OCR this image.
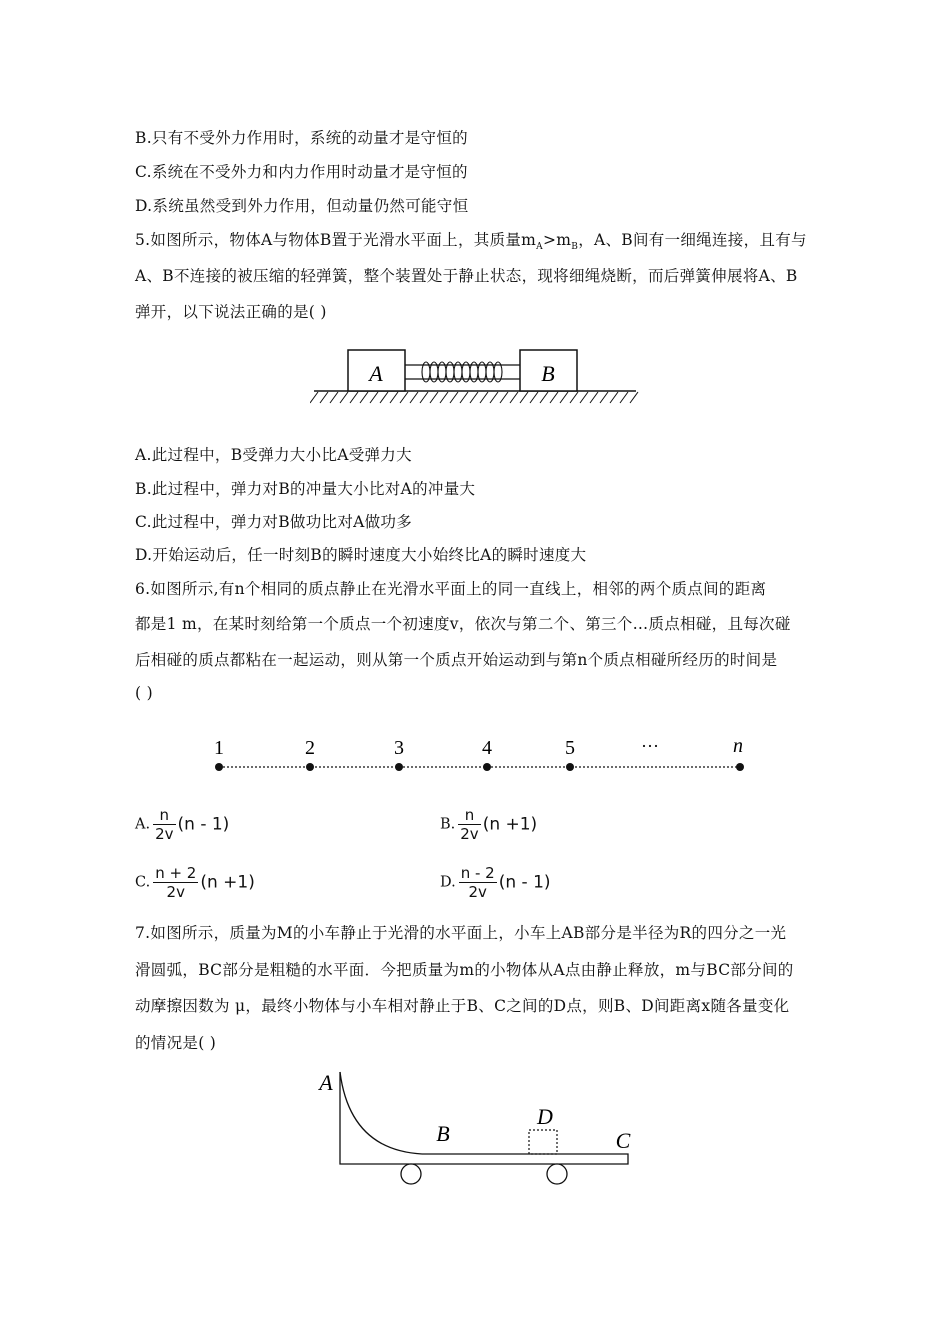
B.只有不受外力作用时，系统的动量才是守恒的
C.系统在不受外力和内力作用时动量才是守恒的
D.系统虽然受到外力作用，但动量仍然可能守恒
5.如图所示，物体A与物体B置于光滑水平面上，其质量$m_A>m_B$，A、B间有一细绳连接，且有与
A、B不连接的被压缩的轻弹簧，整个装置处于静止状态，现将细绳烧断，而后弹簧伸展将A、B
弹开，以下说法正确的是( )
A	B
A.此过程中，B受弹力大小比A受弹力大
B.此过程中，弹力对B的冲量大小比对A的冲量大
C.此过程中，弹力对B做功比对A做功多
D.开始运动后，任一时刻B的瞬时速度大小始终比A的瞬时速度大
6.如图所示,有n个相同的质点静止在光滑水平面上的同一直线上，相邻的两个质点间的距离
都是1 m，在某时刻给第一个质点一个初速度v，依次与第二个、第三个…质点相碰，且每次碰
后相碰的质点都粘在一起运动，则从第一个质点开始运动到与第n个质点相碰所经历的时间是
( )
1	2	3	4	5	···	n
A. $\frac{n}{2v} (n - 1)$	B. $\frac{n}{2v} (n +1)$
C. $\frac{n + 2}{2v} (n +1)$	D. $\frac{n - 2}{2v} (n - 1)$
7.如图所示，质量为M的小车静止于光滑的水平面上，小车上AB部分是半径为R的四分之一光
滑圆弧，BC部分是粗糙的水平面．今把质量为m的小物体从A点由静止释放，m与BC部分间的
动摩擦因数为 μ，最终小物体与小车相对静止于B、C之间的D点，则B、D间距离x随各量变化
的情况是( )
A
B
D
C
